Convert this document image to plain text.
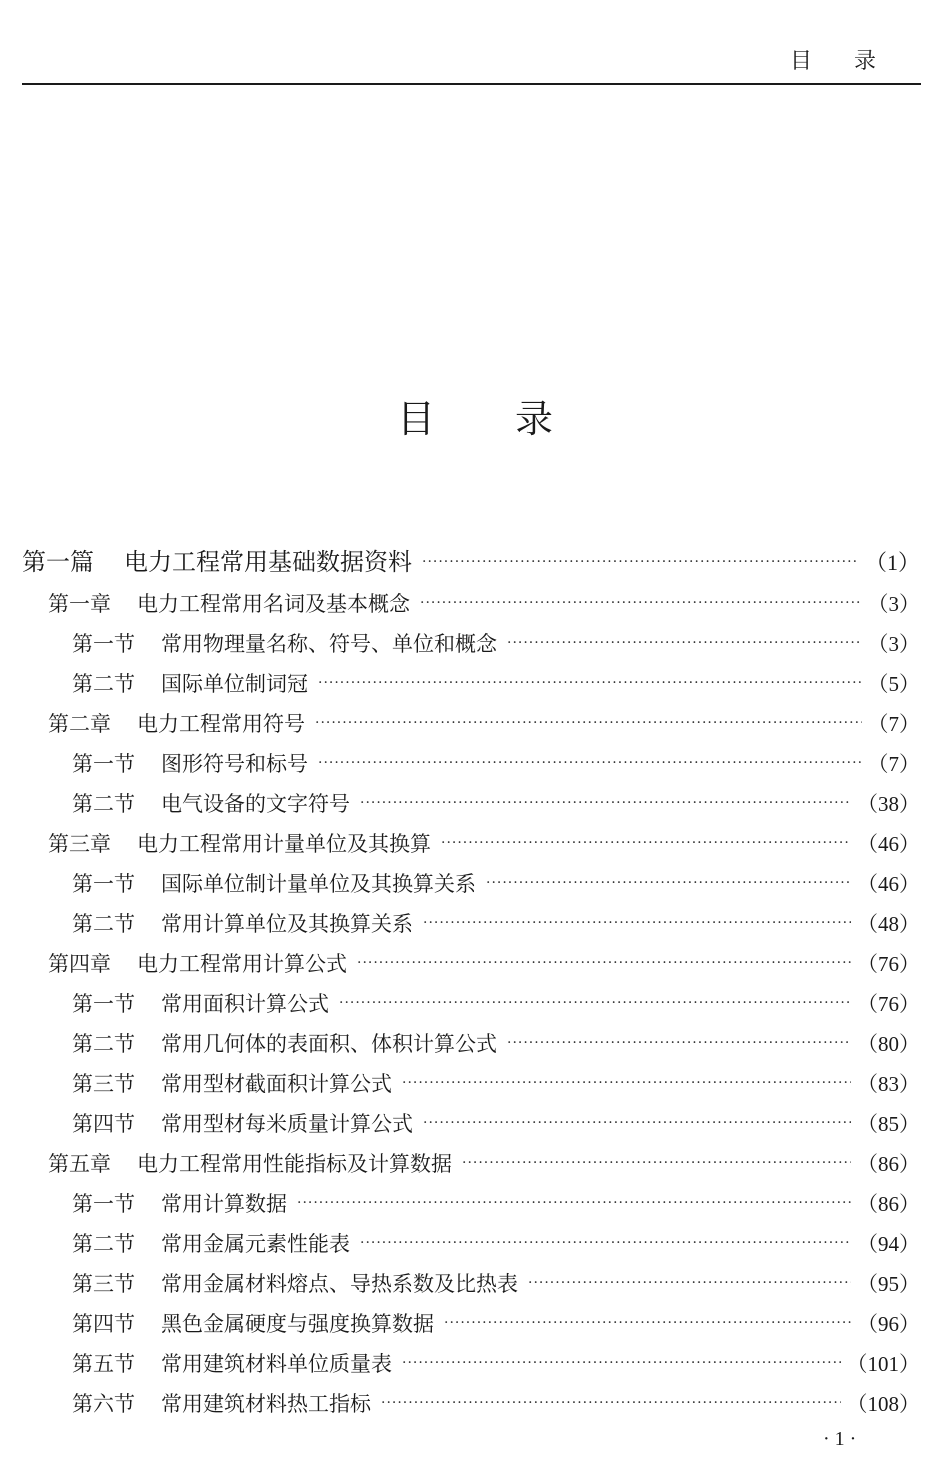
目录
目录
第一篇 电力工程常用基础数据资料 ·····	（1）
第一章 电力工程常用名词及基本概念 ·····	（3）
第一节 常用物理量名称、符号、单位和概念 ·····	（3）
第二节 国际单位制词冠 ·····	（5）
第二章 电力工程常用符号 ·····	（7）
第一节 图形符号和标号 ·····	（7）
第二节 电气设备的文字符号 ·····	（38）
第三章 电力工程常用计量单位及其换算 ·····	（46）
第一节 国际单位制计量单位及其换算关系 ·····	（46）
第二节 常用计算单位及其换算关系 ·····	（48）
第四章 电力工程常用计算公式 ·····	（76）
第一节 常用面积计算公式 ·····	（76）
第二节 常用几何体的表面积、体积计算公式 ·····	（80）
第三节 常用型材截面积计算公式 ·····	（83）
第四节 常用型材每米质量计算公式 ·····	（85）
第五章 电力工程常用性能指标及计算数据 ·····	（86）
第一节 常用计算数据 ·····	（86）
第二节 常用金属元素性能表 ·····	（94）
第三节 常用金属材料熔点、导热系数及比热表 ·····	（95）
第四节 黑色金属硬度与强度换算数据 ·····	（96）
第五节 常用建筑材料单位质量表 ·····	（101）
第六节 常用建筑材料热工指标 ·····	（108）
· 1 ·
